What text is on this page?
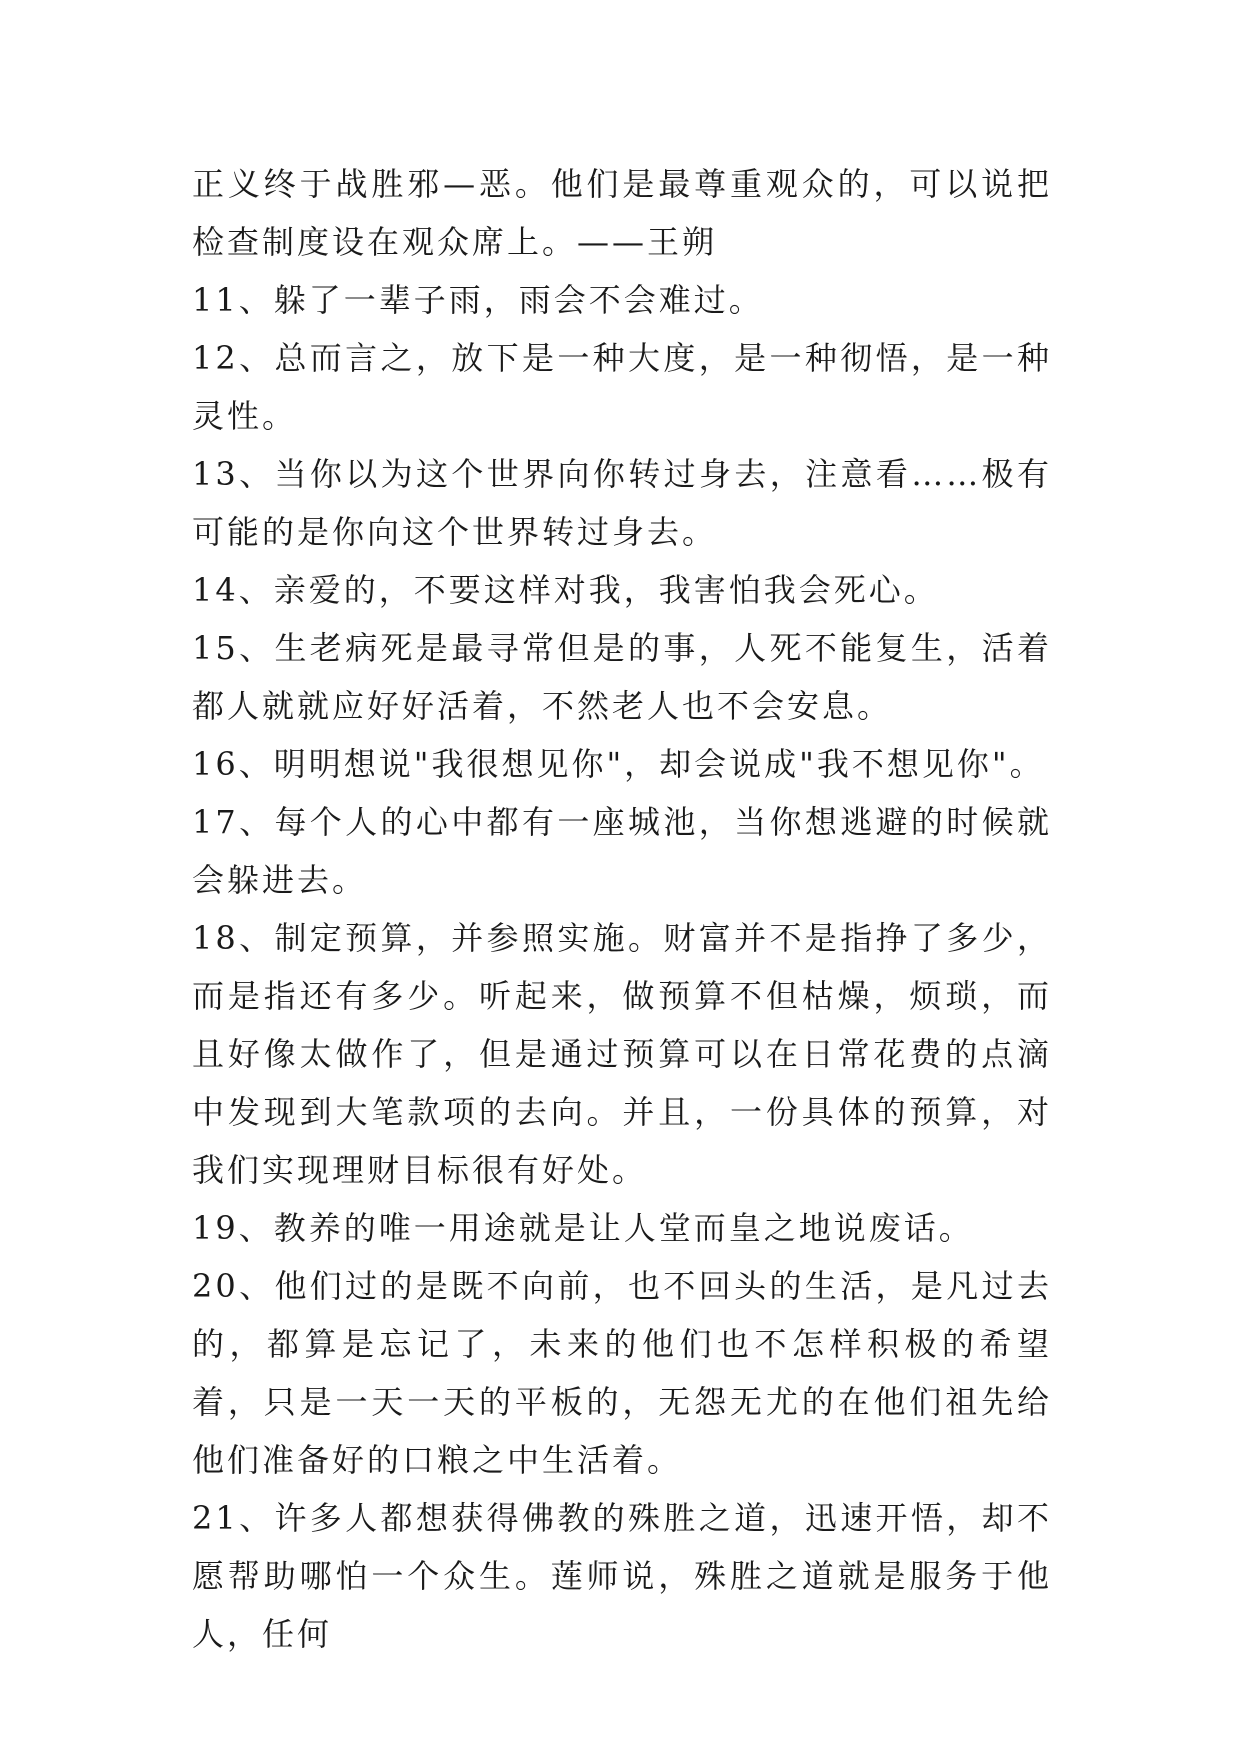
正义终于战胜邪—恶。他们是最尊重观众的，可以说把检查制度设在观众席上。——王朔

11、躲了一辈子雨，雨会不会难过。

12、总而言之，放下是一种大度，是一种彻悟，是一种灵性。

13、当你以为这个世界向你转过身去，注意看……极有可能的是你向这个世界转过身去。

14、亲爱的，不要这样对我，我害怕我会死心。

15、生老病死是最寻常但是的事，人死不能复生，活着都人就就应好好活着，不然老人也不会安息。

16、明明想说"我很想见你"，却会说成"我不想见你"。

17、每个人的心中都有一座城池，当你想逃避的时候就会躲进去。

18、制定预算，并参照实施。财富并不是指挣了多少，而是指还有多少。听起来，做预算不但枯燥，烦琐，而且好像太做作了，但是通过预算可以在日常花费的点滴中发现到大笔款项的去向。并且，一份具体的预算，对我们实现理财目标很有好处。

19、教养的唯一用途就是让人堂而皇之地说废话。

20、他们过的是既不向前，也不回头的生活，是凡过去的，都算是忘记了，未来的他们也不怎样积极的希望着，只是一天一天的平板的，无怨无尤的在他们祖先给他们准备好的口粮之中生活着。

21、许多人都想获得佛教的殊胜之道，迅速开悟，却不愿帮助哪怕一个众生。莲师说，殊胜之道就是服务于他人，任何
